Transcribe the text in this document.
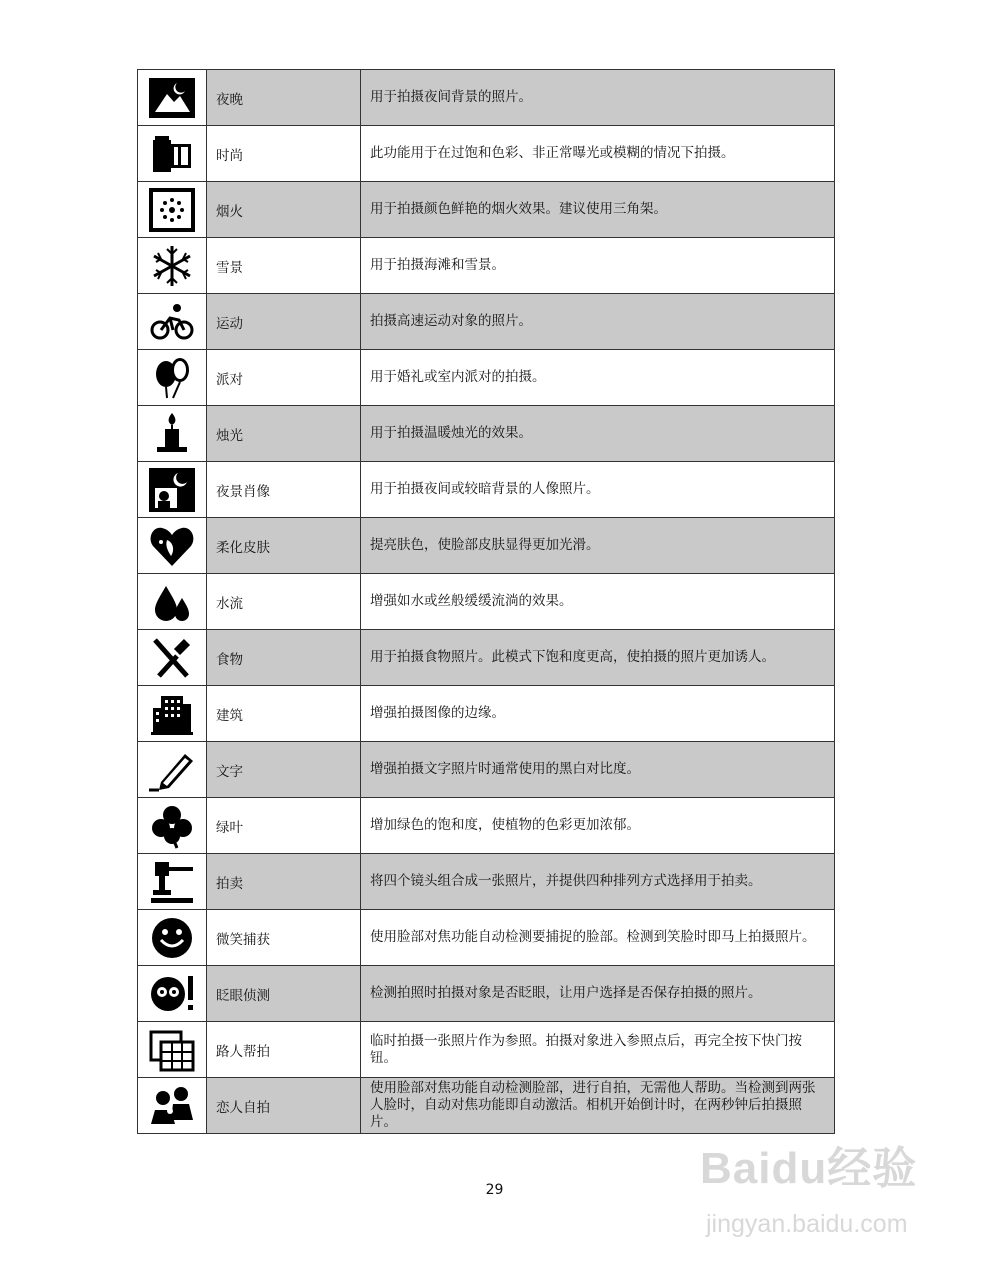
	夜晚	用于拍摄夜间背景的照片。
	时尚	此功能用于在过饱和色彩、非正常曝光或模糊的情况下拍摄。
	烟火	用于拍摄颜色鲜艳的烟火效果。建议使用三角架。
	雪景	用于拍摄海滩和雪景。
	运动	拍摄高速运动对象的照片。
	派对	用于婚礼或室内派对的拍摄。
	烛光	用于拍摄温暖烛光的效果。
	夜景肖像	用于拍摄夜间或较暗背景的人像照片。
	柔化皮肤	提亮肤色，使脸部皮肤显得更加光滑。
	水流	增强如水或丝般缓缓流淌的效果。
	食物	用于拍摄食物照片。此模式下饱和度更高，使拍摄的照片更加诱人。
	建筑	增强拍摄图像的边缘。
	文字	增强拍摄文字照片时通常使用的黑白对比度。
	绿叶	增加绿色的饱和度，使植物的色彩更加浓郁。
	拍卖	将四个镜头组合成一张照片，并提供四种排列方式选择用于拍卖。
	微笑捕获	使用脸部对焦功能自动检测要捕捉的脸部。检测到笑脸时即马上拍摄照片。
	眨眼侦测	检测拍照时拍摄对象是否眨眼，让用户选择是否保存拍摄的照片。
	路人帮拍	临时拍摄一张照片作为参照。拍摄对象进入参照点后，再完全按下快门按钮。
	恋人自拍	使用脸部对焦功能自动检测脸部，进行自拍，无需他人帮助。当检测到两张人脸时，自动对焦功能即自动激活。相机开始倒计时，在两秒钟后拍摄照片。
29	Baidu经验
jingyan.baidu.com
